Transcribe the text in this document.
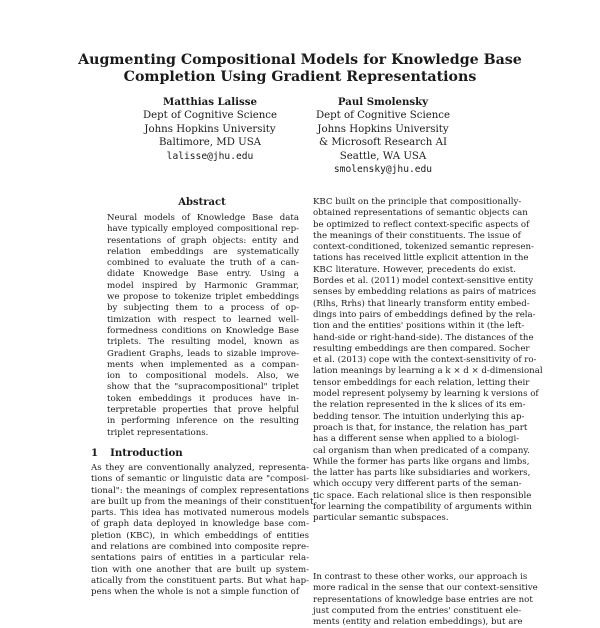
Augmenting Compositional Models for Knowledge Base
Completion Using Gradient Representations
Matthias Lalisse
Dept of Cognitive Science
Johns Hopkins University
Baltimore, MD USA
lalisse@jhu.edu
Paul Smolensky
Dept of Cognitive Science
Johns Hopkins University
& Microsoft Research AI
Seattle, WA USA
smolensky@jhu.edu
Abstract
Neural models of Knowledge Base data
have typically employed compositional rep-
resentations of graph objects: entity and
relation embeddings are systematically
combined to evaluate the truth of a can-
didate Knowedge Base entry. Using a
model inspired by Harmonic Grammar,
we propose to tokenize triplet embeddings
by subjecting them to a process of op-
timization with respect to learned well-
formedness conditions on Knowledge Base
triplets. The resulting model, known as
Gradient Graphs, leads to sizable improve-
ments when implemented as a compan-
ion to compositional models. Also, we
show that the "supracompositional" triplet
token embeddings it produces have in-
terpretable properties that prove helpful
in performing inference on the resulting
triplet representations.
1 Introduction
As they are conventionally analyzed, representa-
tions of semantic or linguistic data are "composi-
tional": the meanings of complex representations
are built up from the meanings of their constituent
parts. This idea has motivated numerous models
of graph data deployed in knowledge base com-
pletion (KBC), in which embeddings of entities
and relations are combined into composite repre-
sentations pairs of entities in a particular rela-
tion with one another that are built up system-
atically from the constituent parts. But what hap-
pens when the whole is not a simple function of
KBC built on the principle that compositionally-
obtained representations of semantic objects can
be optimized to reflect context-specific aspects of
the meanings of their constituents. The issue of
context-conditioned, tokenized semantic represen-
tations has received little explicit attention in the
KBC literature. However, precedents do exist.
Bordes et al. (2011) model context-sensitive entity
senses by embedding relations as pairs of matrices
(Rlhs, Rrhs) that linearly transform entity embed-
dings into pairs of embeddings defined by the rela-
tion and the entities' positions within it (the left-
hand-side or right-hand-side). The distances of the
resulting embeddings are then compared. Socher
et al. (2013) cope with the context-sensitivity of ro-
lation meanings by learning a k × d × d-dimensional
tensor embeddings for each relation, letting their
model represent polysemy by learning k versions of
the relation represented in the k slices of its em-
bedding tensor. The intuition underlying this ap-
proach is that, for instance, the relation has_part
has a different sense when applied to a biologi-
cal organism than when predicated of a company.
While the former has parts like organs and limbs,
the latter has parts like subsidiaries and workers,
which occupy very different parts of the seman-
tic space. Each relational slice is then responsible
for learning the compatibility of arguments within
particular semantic subspaces.
In contrast to these other works, our approach is
more radical in the sense that our context-sensitive
representations of knowledge base entries are not
just computed from the entries' constituent ele-
ments (entity and relation embeddings), but are
